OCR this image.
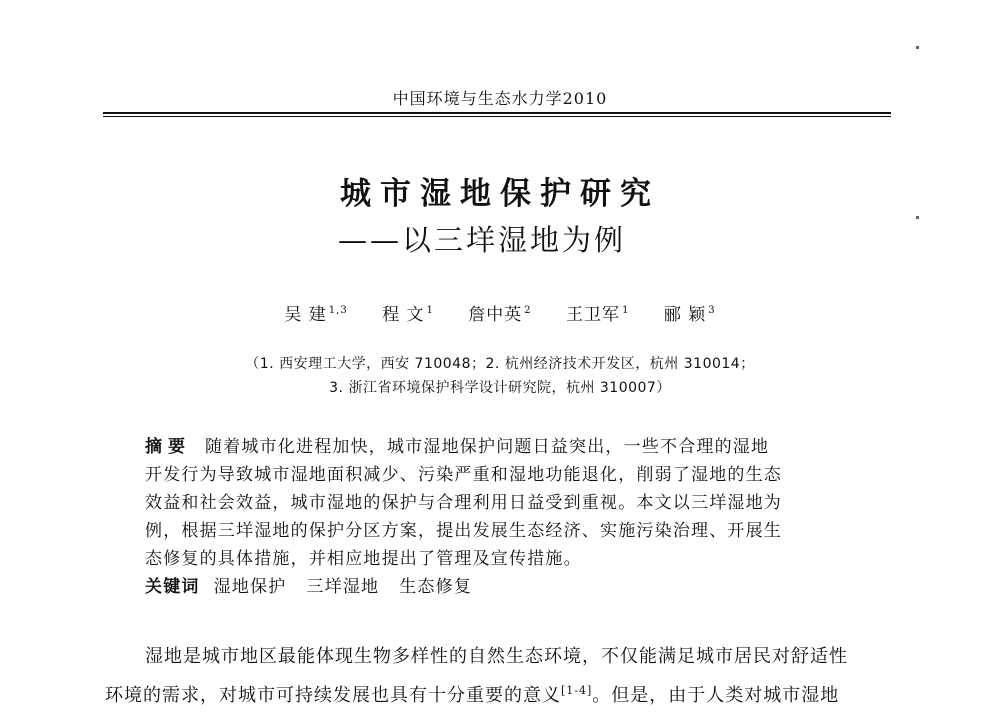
中国环境与生态水力学2010
城市湿地保护研究
——以三垟湿地为例
吴 建 $^{1,3}$ 程 文 $^1$ 詹中英 $^2$ 王卫军 $^1$ 郦 颖 $^3$
（1. 西安理工大学，西安 710048；2. 杭州经济技术开发区，杭州 310014；
3. 浙江省环境保护科学设计研究院，杭州 310007）
摘要 随着城市化进程加快，城市湿地保护问题日益突出，一些不合理的湿地
开发行为导致城市湿地面积减少、污染严重和湿地功能退化，削弱了湿地的生态
效益和社会效益，城市湿地的保护与合理利用日益受到重视。本文以三垟湿地为
例，根据三垟湿地的保护分区方案，提出发展生态经济、实施污染治理、开展生
态修复的具体措施，并相应地提出了管理及宣传措施。
关键词 湿地保护 三垟湿地 生态修复
湿地是城市地区最能体现生物多样性的自然生态环境，不仅能满足城市居民对舒适性
环境的需求，对城市可持续发展也具有十分重要的意义[1-4]。但是，由于人类对城市湿地
